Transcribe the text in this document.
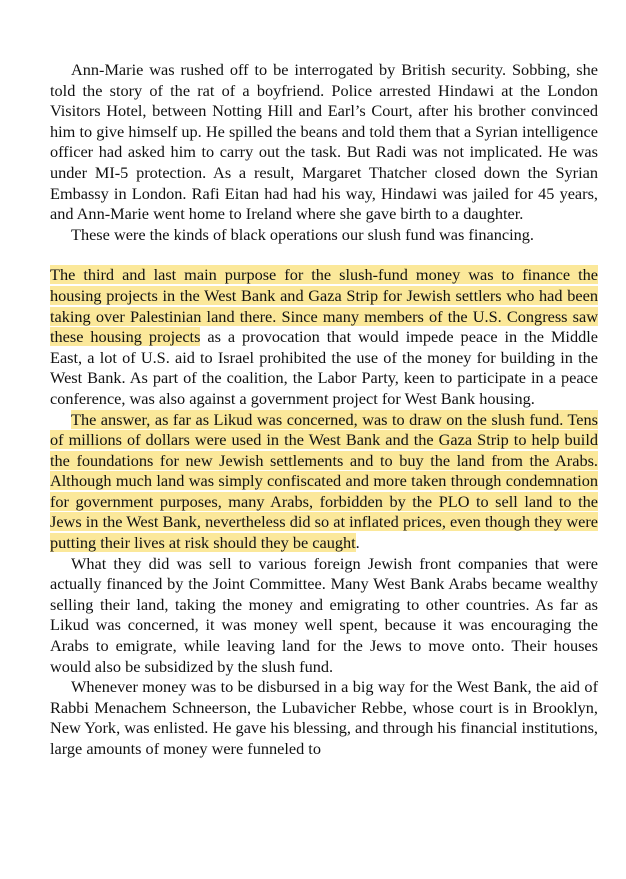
Ann-Marie was rushed off to be interrogated by British security. Sobbing, she told the story of the rat of a boyfriend. Police arrested Hindawi at the London Visitors Hotel, between Notting Hill and Earl’s Court, after his brother convinced him to give himself up. He spilled the beans and told them that a Syrian intelligence officer had asked him to carry out the task. But Radi was not implicated. He was under MI-5 protection. As a result, Margaret Thatcher closed down the Syrian Embassy in London. Rafi Eitan had had his way, Hindawi was jailed for 45 years, and Ann-Marie went home to Ireland where she gave birth to a daughter.

These were the kinds of black operations our slush fund was financing.

The third and last main purpose for the slush-fund money was to finance the housing projects in the West Bank and Gaza Strip for Jewish settlers who had been taking over Palestinian land there. Since many members of the U.S. Congress saw these housing projects as a provocation that would impede peace in the Middle East, a lot of U.S. aid to Israel prohibited the use of the money for building in the West Bank. As part of the coalition, the Labor Party, keen to participate in a peace conference, was also against a government project for West Bank housing.

The answer, as far as Likud was concerned, was to draw on the slush fund. Tens of millions of dollars were used in the West Bank and the Gaza Strip to help build the foundations for new Jewish settlements and to buy the land from the Arabs. Although much land was simply confiscated and more taken through condemnation for government purposes, many Arabs, forbidden by the PLO to sell land to the Jews in the West Bank, nevertheless did so at inflated prices, even though they were putting their lives at risk should they be caught.

What they did was sell to various foreign Jewish front companies that were actually financed by the Joint Committee. Many West Bank Arabs became wealthy selling their land, taking the money and emigrating to other countries. As far as Likud was concerned, it was money well spent, because it was encouraging the Arabs to emigrate, while leaving land for the Jews to move onto. Their houses would also be subsidized by the slush fund.

Whenever money was to be disbursed in a big way for the West Bank, the aid of Rabbi Menachem Schneerson, the Lubavicher Rebbe, whose court is in Brooklyn, New York, was enlisted. He gave his blessing, and through his financial institutions, large amounts of money were funneled to
